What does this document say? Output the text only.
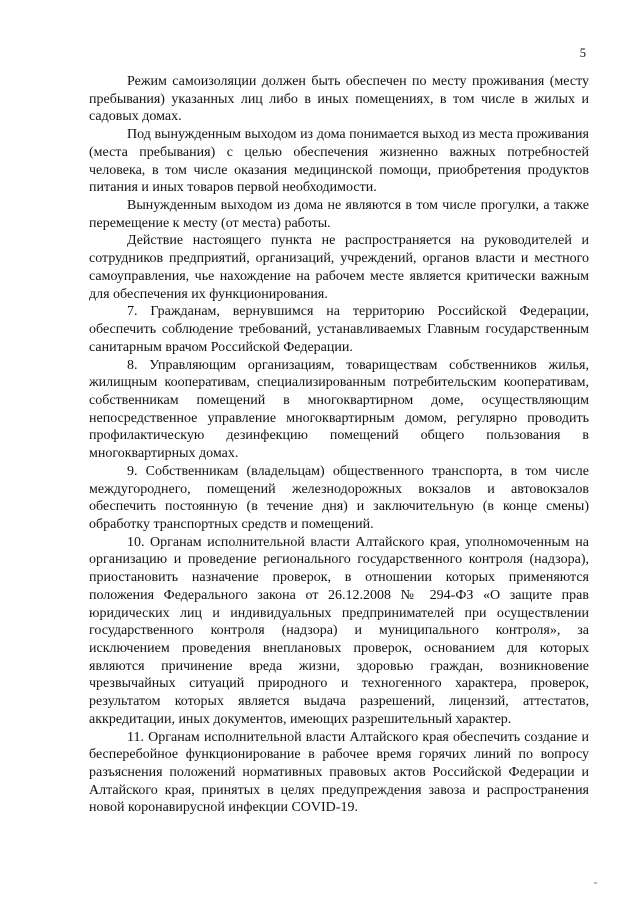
5

Режим самоизоляции должен быть обеспечен по месту проживания (месту пребывания) указанных лиц либо в иных помещениях, в том числе в жилых и садовых домах.

Под вынужденным выходом из дома понимается выход из места проживания (места пребывания) с целью обеспечения жизненно важных потребностей человека, в том числе оказания медицинской помощи, приобретения продуктов питания и иных товаров первой необходимости.

Вынужденным выходом из дома не являются в том числе прогулки, а также перемещение к месту (от места) работы.

Действие настоящего пункта не распространяется на руководителей и сотрудников предприятий, организаций, учреждений, органов власти и местного самоуправления, чье нахождение на рабочем месте является критически важным для обеспечения их функционирования.

7. Гражданам, вернувшимся на территорию Российской Федерации, обеспечить соблюдение требований, устанавливаемых Главным государственным санитарным врачом Российской Федерации.

8. Управляющим организациям, товариществам собственников жилья, жилищным кооперативам, специализированным потребительским кооперативам, собственникам помещений в многоквартирном доме, осуществляющим непосредственное управление многоквартирным домом, регулярно проводить профилактическую дезинфекцию помещений общего пользования в многоквартирных домах.

9. Собственникам (владельцам) общественного транспорта, в том числе междугороднего, помещений железнодорожных вокзалов и автовокзалов обеспечить постоянную (в течение дня) и заключительную (в конце смены) обработку транспортных средств и помещений.

10. Органам исполнительной власти Алтайского края, уполномоченным на организацию и проведение регионального государственного контроля (надзора), приостановить назначение проверок, в отношении которых применяются положения Федерального закона от 26.12.2008 № 294-ФЗ «О защите прав юридических лиц и индивидуальных предпринимателей при осуществлении государственного контроля (надзора) и муниципального контроля», за исключением проведения внеплановых проверок, основанием для которых являются причинение вреда жизни, здоровью граждан, возникновение чрезвычайных ситуаций природного и техногенного характера, проверок, результатом которых является выдача разрешений, лицензий, аттестатов, аккредитации, иных документов, имеющих разрешительный характер.

11. Органам исполнительной власти Алтайского края обеспечить создание и бесперебойное функционирование в рабочее время горячих линий по вопросу разъяснения положений нормативных правовых актов Российской Федерации и Алтайского края, принятых в целях предупреждения завоза и распространения новой коронавирусной инфекции COVID-19.
